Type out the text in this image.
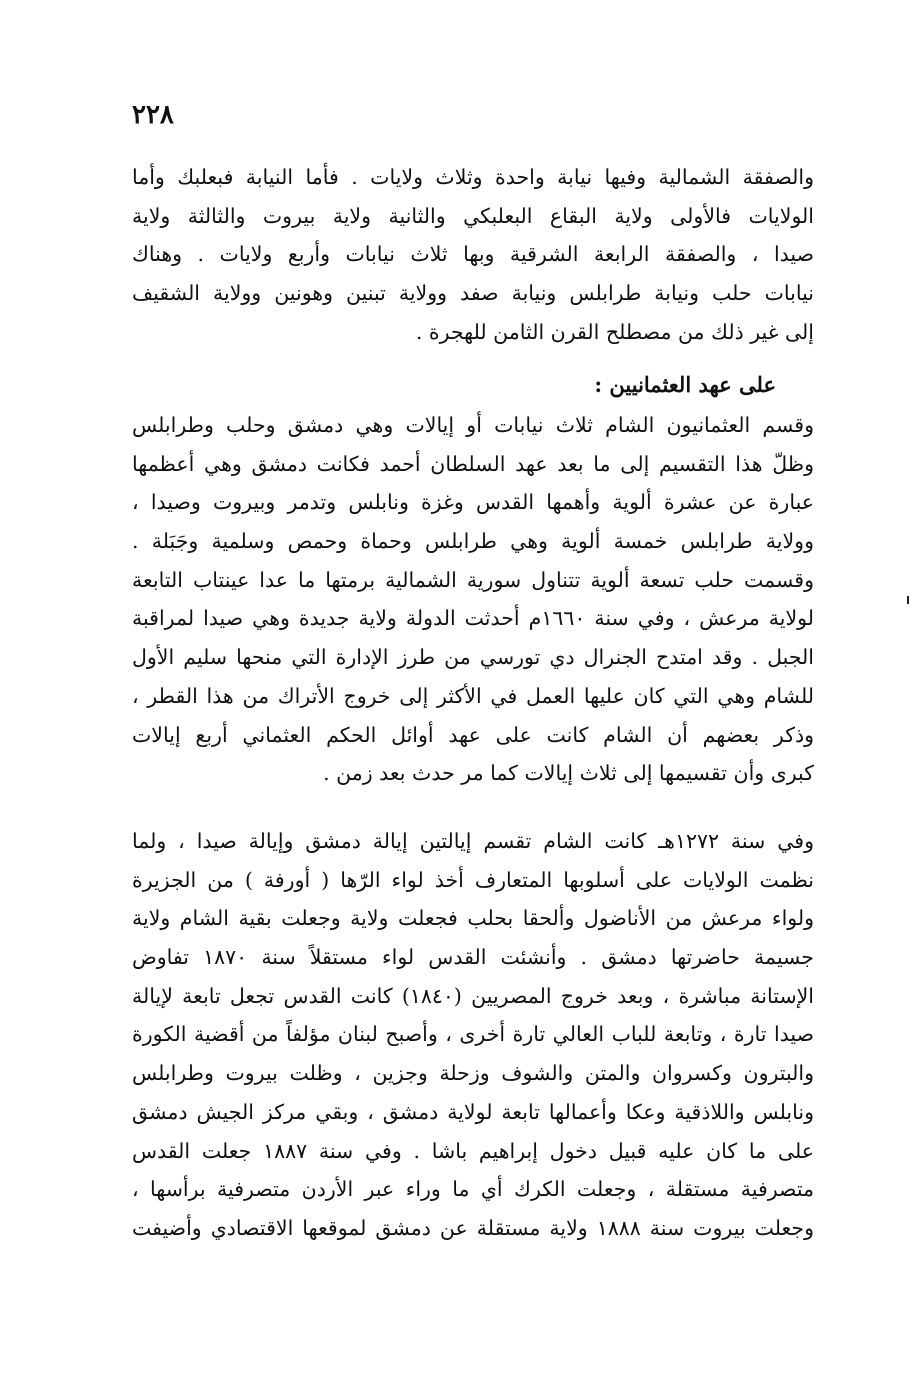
٢٢٨
والصفقة الشمالية وفيها نيابة واحدة وثلاث ولايات . فأما النيابة فبعلبك وأما
الولايات فالأولى ولاية البقاع البعلبكي والثانية ولاية بيروت والثالثة ولاية
صيدا ، والصفقة الرابعة الشرقية وبها ثلاث نيابات وأربع ولايات . وهناك
نيابات حلب ونيابة طرابلس ونيابة صفد وولاية تبنين وهونين وولاية الشقيف
إلى غير ذلك من مصطلح القرن الثامن للهجرة .
على عهد العثمانيين :
وقسم العثمانيون الشام ثلاث نيابات أو إيالات وهي دمشق وحلب وطرابلس
وظلّ هذا التقسيم إلى ما بعد عهد السلطان أحمد فكانت دمشق وهي أعظمها
عبارة عن عشرة ألوية وأهمها القدس وغزة ونابلس وتدمر وبيروت وصيدا ،
وولاية طرابلس خمسة ألوية وهي طرابلس وحماة وحمص وسلمية وجَبَلة .
وقسمت حلب تسعة ألوية تتناول سورية الشمالية برمتها ما عدا عينتاب التابعة
لولاية مرعش ، وفي سنة ١٦٦٠م أحدثت الدولة ولاية جديدة وهي صيدا لمراقبة
الجبل . وقد امتدح الجنرال دي تورسي من طرز الإدارة التي منحها سليم الأول
للشام وهي التي كان عليها العمل في الأكثر إلى خروج الأتراك من هذا القطر ،
وذكر بعضهم أن الشام كانت على عهد أوائل الحكم العثماني أربع إيالات
كبرى وأن تقسيمها إلى ثلاث إيالات كما مر حدث بعد زمن .
وفي سنة ١٢٧٢هـ كانت الشام تقسم إيالتين إيالة دمشق وإيالة صيدا ، ولما
نظمت الولايات على أسلوبها المتعارف أخذ لواء الرّها ( أورفة ) من الجزيرة
ولواء مرعش من الأناضول وألحقا بحلب فجعلت ولاية وجعلت بقية الشام ولاية
جسيمة حاضرتها دمشق . وأنشئت القدس لواء مستقلاً سنة ١٨٧٠ تفاوض
الإستانة مباشرة ، وبعد خروج المصريين (١٨٤٠) كانت القدس تجعل تابعة لإيالة
صيدا تارة ، وتابعة للباب العالي تارة أخرى ، وأصبح لبنان مؤلفاً من أقضية الكورة
والبترون وكسروان والمتن والشوف وزحلة وجزين ، وظلت بيروت وطرابلس
ونابلس واللاذقية وعكا وأعمالها تابعة لولاية دمشق ، وبقي مركز الجيش دمشق
على ما كان عليه قبيل دخول إبراهيم باشا . وفي سنة ١٨٨٧ جعلت القدس
متصرفية مستقلة ، وجعلت الكرك أي ما وراء عبر الأردن متصرفية برأسها ،
وجعلت بيروت سنة ١٨٨٨ ولاية مستقلة عن دمشق لموقعها الاقتصادي وأضيفت
